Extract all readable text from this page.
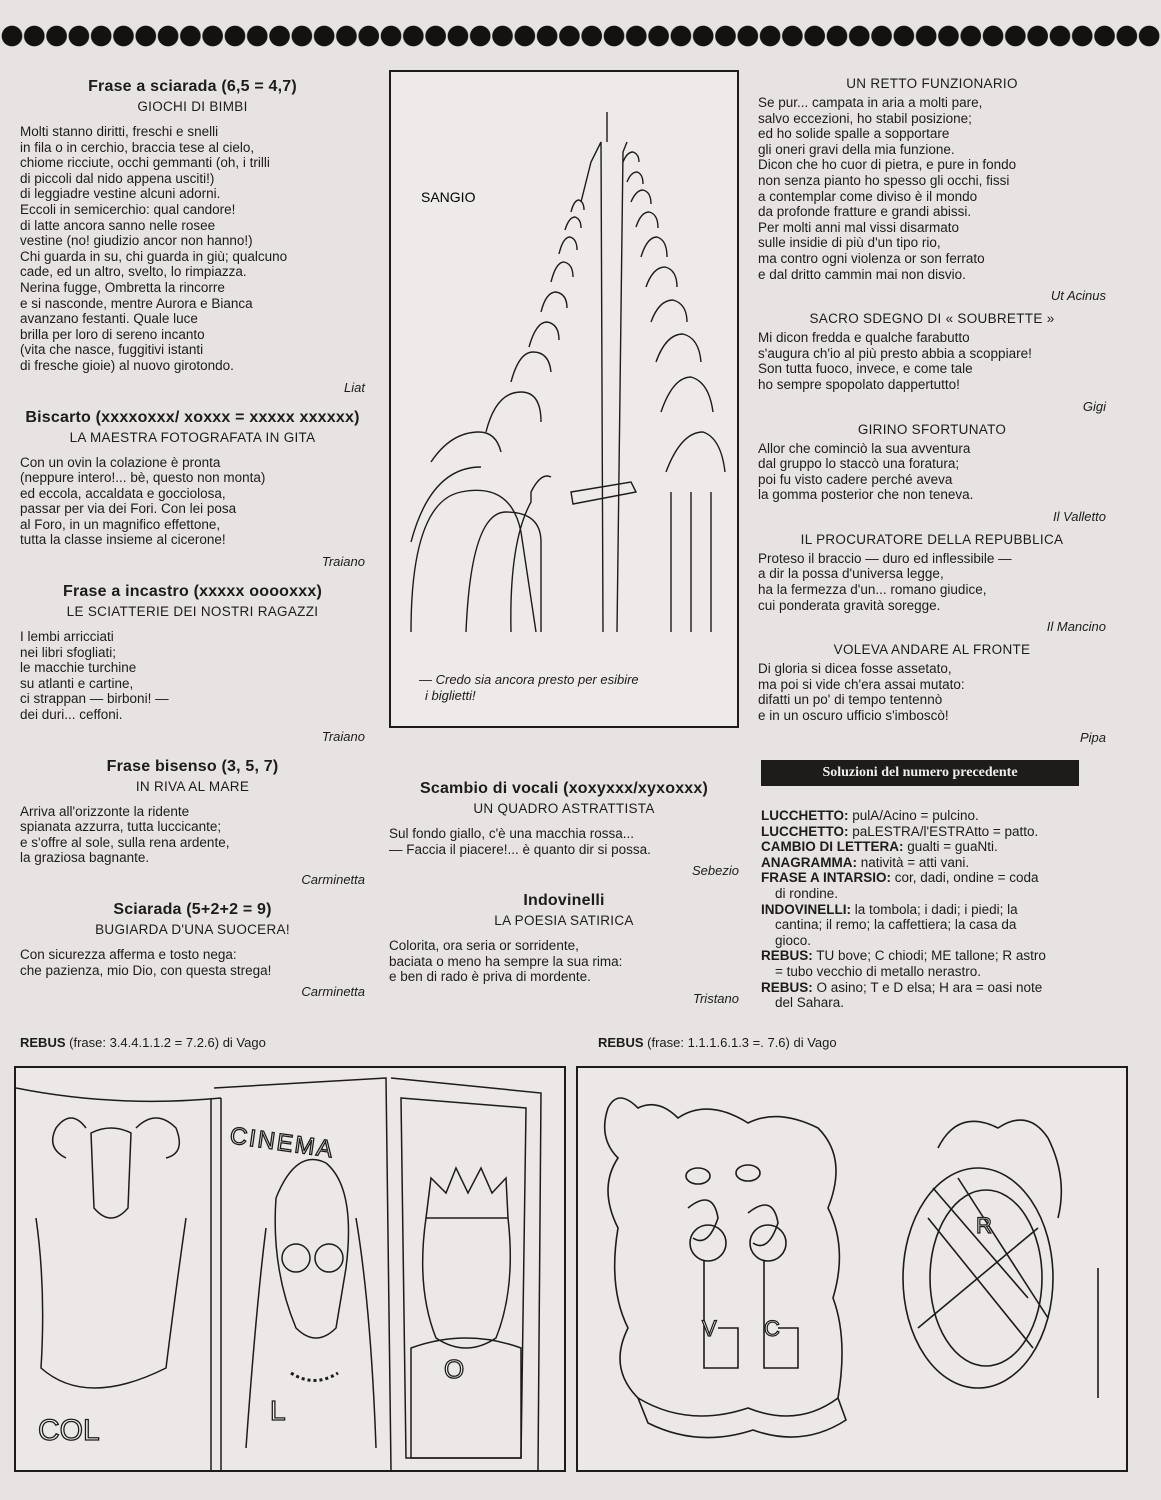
Frase a sciarada (6,5 = 4,7)
GIOCHI DI BIMBI
Molti stanno diritti, freschi e snelli
in fila o in cerchio, braccia tese al cielo,
chiome ricciute, occhi gemmanti (oh, i trilli
di piccoli dal nido appena usciti!)
di leggiadre vestine alcuni adorni.
Eccoli in semicerchio: qual candore!
di latte ancora sanno nelle rosee
vestine (no! giudizio ancor non hanno!)
Chi guarda in su, chi guarda in giù; qualcuno
cade, ed un altro, svelto, lo rimpiazza.
Nerina fugge, Ombretta la rincorre
e si nasconde, mentre Aurora e Bianca
avanzano festanti. Quale luce
brilla per loro di sereno incanto
(vita che nasce, fuggitivi istanti
di fresche gioie) al nuovo girotondo.
Liat
Biscarto (xxxxoxxx/ xoxxx = xxxxx xxxxxx)
LA MAESTRA FOTOGRAFATA IN GITA
Con un ovin la colazione è pronta
(neppure intero!... bè, questo non monta)
ed eccola, accaldata e gocciolosa,
passar per via dei Fori. Con lei posa
al Foro, in un magnifico effettone,
tutta la classe insieme al cicerone!
Traiano
Frase a incastro (xxxxx ooooxxx)
LE SCIATTERIE DEI NOSTRI RAGAZZI
I lembi arricciati
nei libri sfogliati;
le macchie turchine
su atlanti e cartine,
ci strappan — birboni! —
dei duri... ceffoni.
Traiano
Frase bisenso (3, 5, 7)
IN RIVA AL MARE
Arriva all'orizzonte la ridente
spianata azzurra, tutta luccicante;
e s'offre al sole, sulla rena ardente,
la graziosa bagnante.
Carminetta
Sciarada (5+2+2 = 9)
BUGIARDA D'UNA SUOCERA!
Con sicurezza afferma e tosto nega:
che pazienza, mio Dio, con questa strega!
Carminetta
SANGIO
— Credo sia ancora presto per esibire
i biglietti!
Scambio di vocali (xoxyxxx/xyxoxxx)
UN QUADRO ASTRATTISTA
Sul fondo giallo, c'è una macchia rossa...
— Faccia il piacere!... è quanto dir si possa.
Sebezio
Indovinelli
LA POESIA SATIRICA
Colorita, ora seria or sorridente,
baciata o meno ha sempre la sua rima:
e ben di rado è priva di mordente.
Tristano
UN RETTO FUNZIONARIO
Se pur... campata in aria a molti pare,
salvo eccezioni, ho stabil posizione;
ed ho solide spalle a sopportare
gli oneri gravi della mia funzione.
Dicon che ho cuor di pietra, e pure in fondo
non senza pianto ho spesso gli occhi, fissi
a contemplar come diviso è il mondo
da profonde fratture e grandi abissi.
Per molti anni mal vissi disarmato
sulle insidie di più d'un tipo rio,
ma contro ogni violenza or son ferrato
e dal dritto cammin mai non disvio.
Ut Acinus
SACRO SDEGNO DI « SOUBRETTE »
Mi dicon fredda e qualche farabutto
s'augura ch'io al più presto abbia a scoppiare!
Son tutta fuoco, invece, e come tale
ho sempre spopolato dappertutto!
Gigi
GIRINO SFORTUNATO
Allor che cominciò la sua avventura
dal gruppo lo staccò una foratura;
poi fu visto cadere perché aveva
la gomma posterior che non teneva.
Il Valletto
IL PROCURATORE DELLA REPUBBLICA
Proteso il braccio — duro ed inflessibile —
a dir la possa d'universa legge,
ha la fermezza d'un... romano giudice,
cui ponderata gravità soregge.
Il Mancino
VOLEVA ANDARE AL FRONTE
Di gloria si dicea fosse assetato,
ma poi si vide ch'era assai mutato:
difatti un po' di tempo tentennò
e in un oscuro ufficio s'imboscò!
Pipa
Soluzioni del numero precedente
LUCCHETTO: pulA/Acino = pulcino.
LUCCHETTO: paLESTRA/l'ESTRAtto = patto.
CAMBIO DI LETTERA: gualti = guaNti.
ANAGRAMMA: natività = atti vani.
FRASE A INTARSIO: cor, dadi, ondine = coda
di rondine.
INDOVINELLI: la tombola; i dadi; i piedi; la
cantina; il remo; la caffettiera; la casa da
gioco.
REBUS: TU bove; C chiodi; ME tallone; R astro
= tubo vecchio di metallo nerastro.
REBUS: O asino; T e D elsa; H ara = oasi note
del Sahara.
REBUS (frase: 3.4.4.1.1.2 = 7.2.6) di Vago	REBUS (frase: 1.1.1.6.1.3 =. 7.6) di Vago
COL
CINEMA
L
O
V C
R
